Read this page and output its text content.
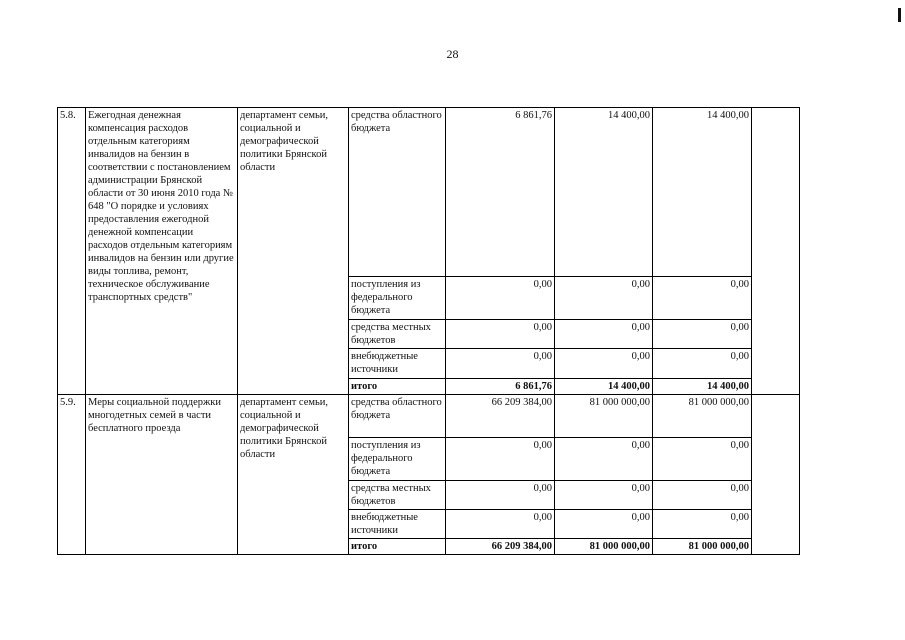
28
5.8.	Ежегодная денежная компенсация расходов отдельным категориям инвалидов на бензин в соответствии с постановлением администрации Брянской области от 30 июня 2010 года № 648 "О порядке и условиях предоставления ежегодной денежной компенсации расходов отдельным категориям инвалидов на бензин или другие виды топлива, ремонт, техническое обслуживание транспортных средств"	департамент семьи, социальной и демографической политики Брянской области	средства областного бюджета	6 861,76	14 400,00	14 400,00	
			поступления из федерального бюджета	0,00	0,00	0,00	
			средства местных бюджетов	0,00	0,00	0,00	
			внебюджетные источники	0,00	0,00	0,00	
			итого	6 861,76	14 400,00	14 400,00	
5.9.	Меры социальной поддержки многодетных семей в части бесплатного проезда	департамент семьи, социальной и демографической политики Брянской области	средства областного бюджета	66 209 384,00	81 000 000,00	81 000 000,00	
			поступления из федерального бюджета	0,00	0,00	0,00	
			средства местных бюджетов	0,00	0,00	0,00	
			внебюджетные источники	0,00	0,00	0,00	
			итого	66 209 384,00	81 000 000,00	81 000 000,00	
